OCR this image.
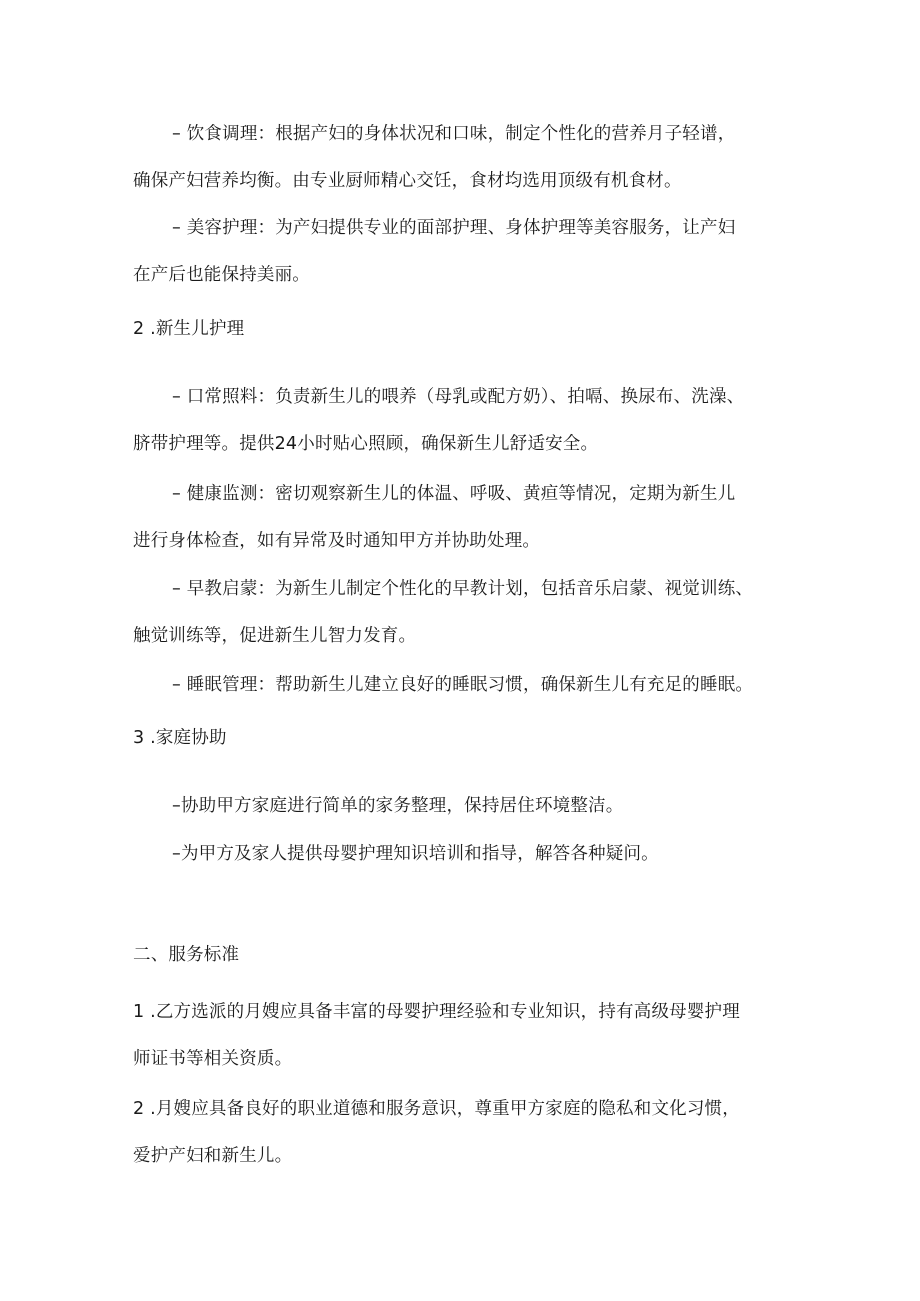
– 饮食调理：根据产妇的身体状况和口味，制定个性化的营养月子轻谱，
确保产妇营养均衡。由专业厨师精心交饪，食材均选用顶级有机食材。
– 美容护理：为产妇提供专业的面部护理、身体护理等美容服务，让产妇
在产后也能保持美丽。
2 .新生儿护理
– 口常照料：负责新生儿的喂养（母乳或配方奶）、拍嗝、换尿布、洗澡、
脐带护理等。提供24小时贴心照顾，确保新生儿舒适安全。
– 健康监测：密切观察新生儿的体温、呼吸、黄疸等情况，定期为新生儿
进行身体检查，如有异常及时通知甲方并协助处理。
– 早教启蒙：为新生儿制定个性化的早教计划，包括音乐启蒙、视觉训练、
触觉训练等，促进新生儿智力发育。
– 睡眠管理：帮助新生儿建立良好的睡眠习惯，确保新生儿有充足的睡眠。
3 .家庭协助
–协助甲方家庭进行简单的家务整理，保持居住环境整洁。
–为甲方及家人提供母婴护理知识培训和指导，解答各种疑问。
二、服务标准
1 .乙方选派的月嫂应具备丰富的母婴护理经验和专业知识，持有高级母婴护理
师证书等相关资质。
2 .月嫂应具备良好的职业道德和服务意识，尊重甲方家庭的隐私和文化习惯，
爱护产妇和新生儿。
